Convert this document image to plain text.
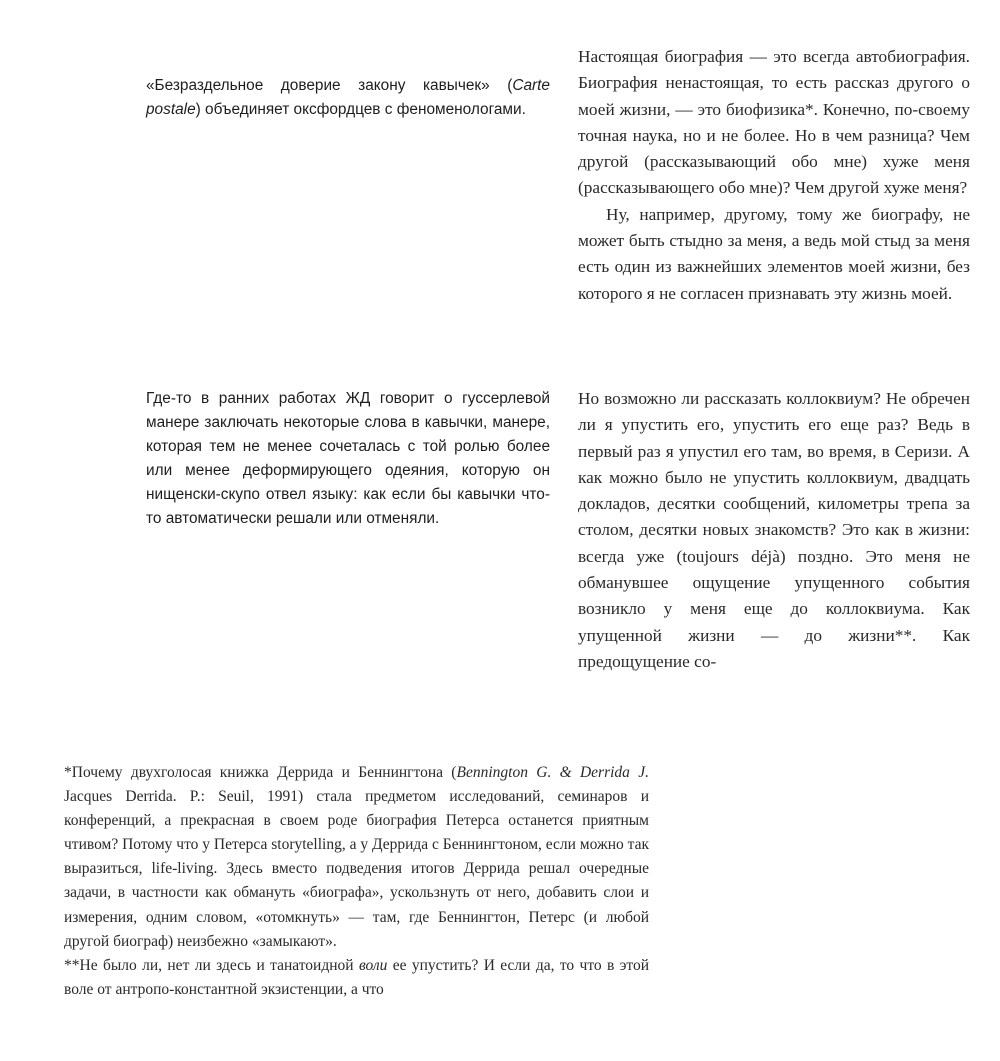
«Безраздельное доверие закону кавычек» (Carte postale) объединяет оксфордцев с феноменологами.
Где-то в ранних работах ЖД говорит о гуссерлевой манере заключать некоторые слова в кавычки, манере, которая тем не менее сочеталась с той ролью более или менее деформирующего одеяния, которую он нищенски-скупо отвел языку: как если бы кавычки что-то автоматически решали или отменяли.

Настоящая биография — это всегда автобиография. Биография ненастоящая, то есть рассказ другого о моей жизни, — это биофизика*. Конечно, по-своему точная наука, но и не более. Но в чем разница? Чем другой (рассказывающий обо мне) хуже меня (рассказывающего обо мне)? Чем другой хуже меня?

Ну, например, другому, тому же биографу, не может быть стыдно за меня, а ведь мой стыд за меня есть один из важнейших элементов моей жизни, без которого я не согласен признавать эту жизнь моей.

Но возможно ли рассказать коллоквиум? Не обречен ли я упустить его, упустить его еще раз? Ведь в первый раз я упустил его там, во время, в Серизи. А как можно было не упустить коллоквиум, двадцать докладов, десятки сообщений, километры трепа за столом, десятки новых знакомств? Это как в жизни: всегда уже (toujours déjà) поздно. Это меня не обманувшее ощущение упущенного события возникло у меня еще до коллоквиума. Как упущенной жизни — до жизни**. Как предощущение со-

*Почему двухголосая книжка Деррида и Беннингтона (Bennington G. & Derrida J. Jacques Derrida. P.: Seuil, 1991) стала предметом исследований, семинаров и конференций, а прекрасная в своем роде биография Петерса останется приятным чтивом? Потому что у Петерса storytelling, а у Деррида с Беннингтоном, если можно так выразиться, life-living. Здесь вместо подведения итогов Деррида решал очередные задачи, в частности как обмануть «биографа», ускользнуть от него, добавить слои и измерения, одним словом, «отомкнуть» — там, где Беннингтон, Петерс (и любой другой биограф) неизбежно «замыкают».
**Не было ли, нет ли здесь и танатоидной воли ее упустить? И если да, то что в этой воле от антропо-константной экзистенции, а что
